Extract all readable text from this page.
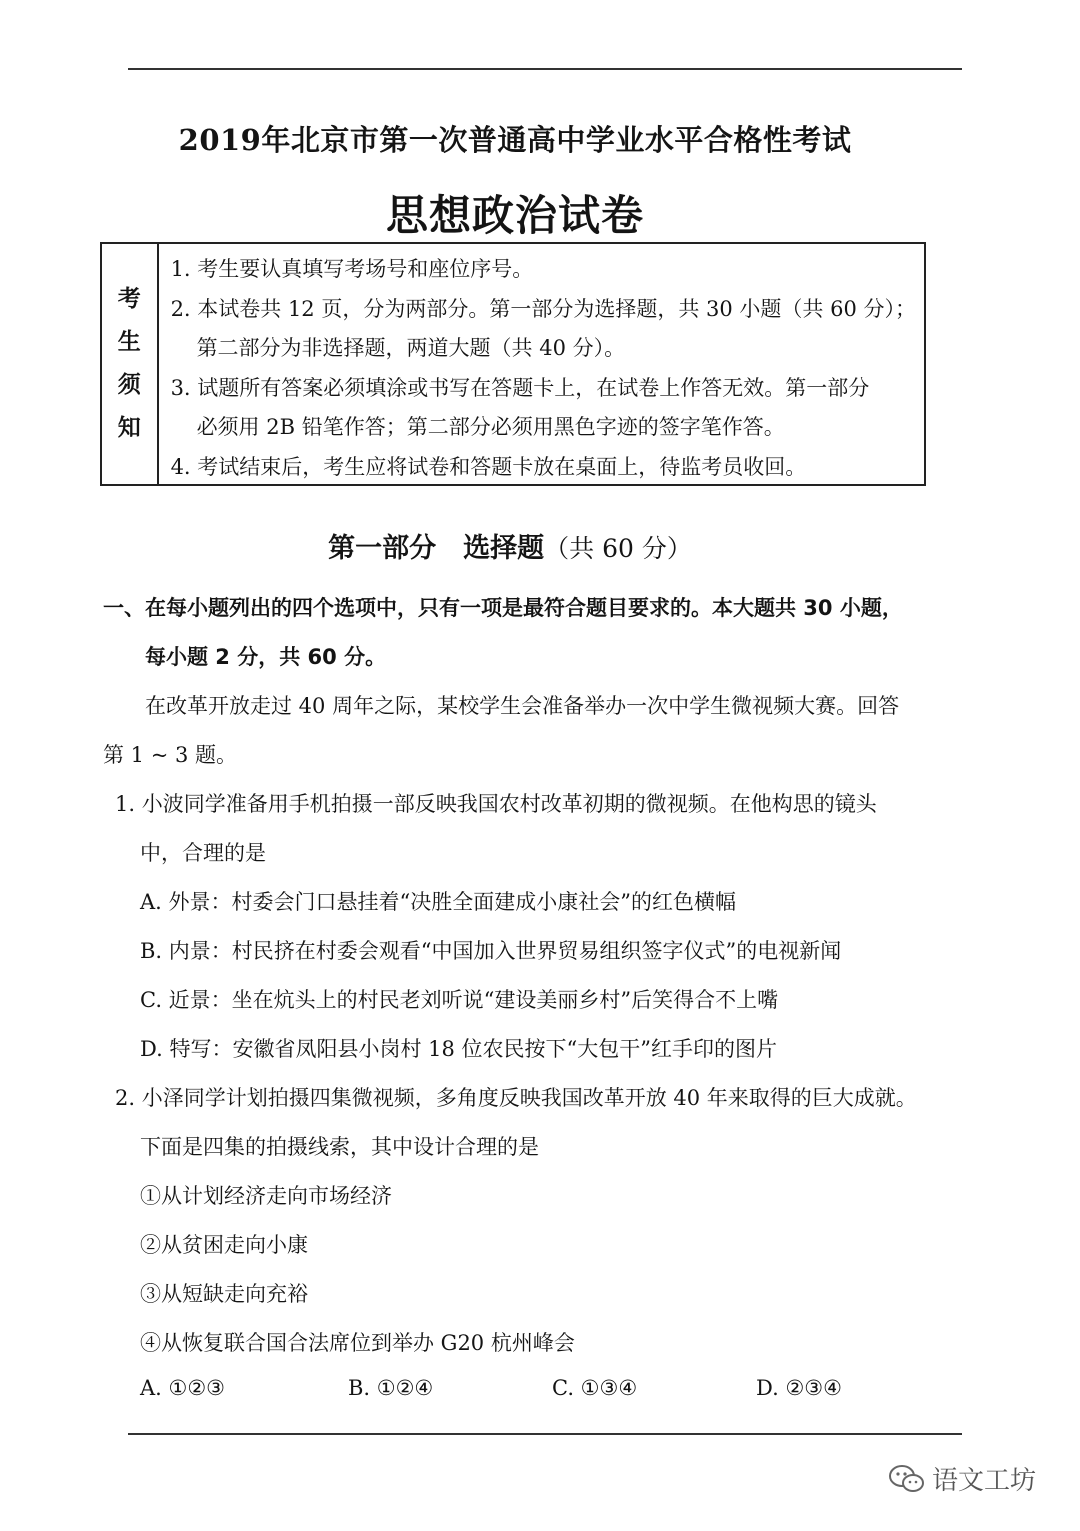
2019年北京市第一次普通高中学业水平合格性考试
思想政治试卷
考
生
须
知
1. 考生要认真填写考场号和座位序号。
2. 本试卷共 12 页，分为两部分。第一部分为选择题，共 30 小题（共 60 分）；
第二部分为非选择题，两道大题（共 40 分）。
3. 试题所有答案必须填涂或书写在答题卡上，在试卷上作答无效。第一部分
必须用 2B 铅笔作答；第二部分必须用黑色字迹的签字笔作答。
4. 考试结束后，考生应将试卷和答题卡放在桌面上，待监考员收回。
第一部分　选择题（共 60 分）
一、在每小题列出的四个选项中，只有一项是最符合题目要求的。本大题共 30 小题，
每小题 2 分，共 60 分。
在改革开放走过 40 周年之际，某校学生会准备举办一次中学生微视频大赛。回答
第 1 ~ 3 题。
1. 小波同学准备用手机拍摄一部反映我国农村改革初期的微视频。在他构思的镜头
中，合理的是
A. 外景：村委会门口悬挂着“决胜全面建成小康社会”的红色横幅
B. 内景：村民挤在村委会观看“中国加入世界贸易组织签字仪式”的电视新闻
C. 近景：坐在炕头上的村民老刘听说“建设美丽乡村”后笑得合不上嘴
D. 特写：安徽省凤阳县小岗村 18 位农民按下“大包干”红手印的图片
2. 小泽同学计划拍摄四集微视频，多角度反映我国改革开放 40 年来取得的巨大成就。
下面是四集的拍摄线索，其中设计合理的是
①从计划经济走向市场经济
②从贫困走向小康
③从短缺走向充裕
④从恢复联合国合法席位到举办 G20 杭州峰会
A. ①②③	B. ①②④	C. ①③④	D. ②③④
语文工坊
